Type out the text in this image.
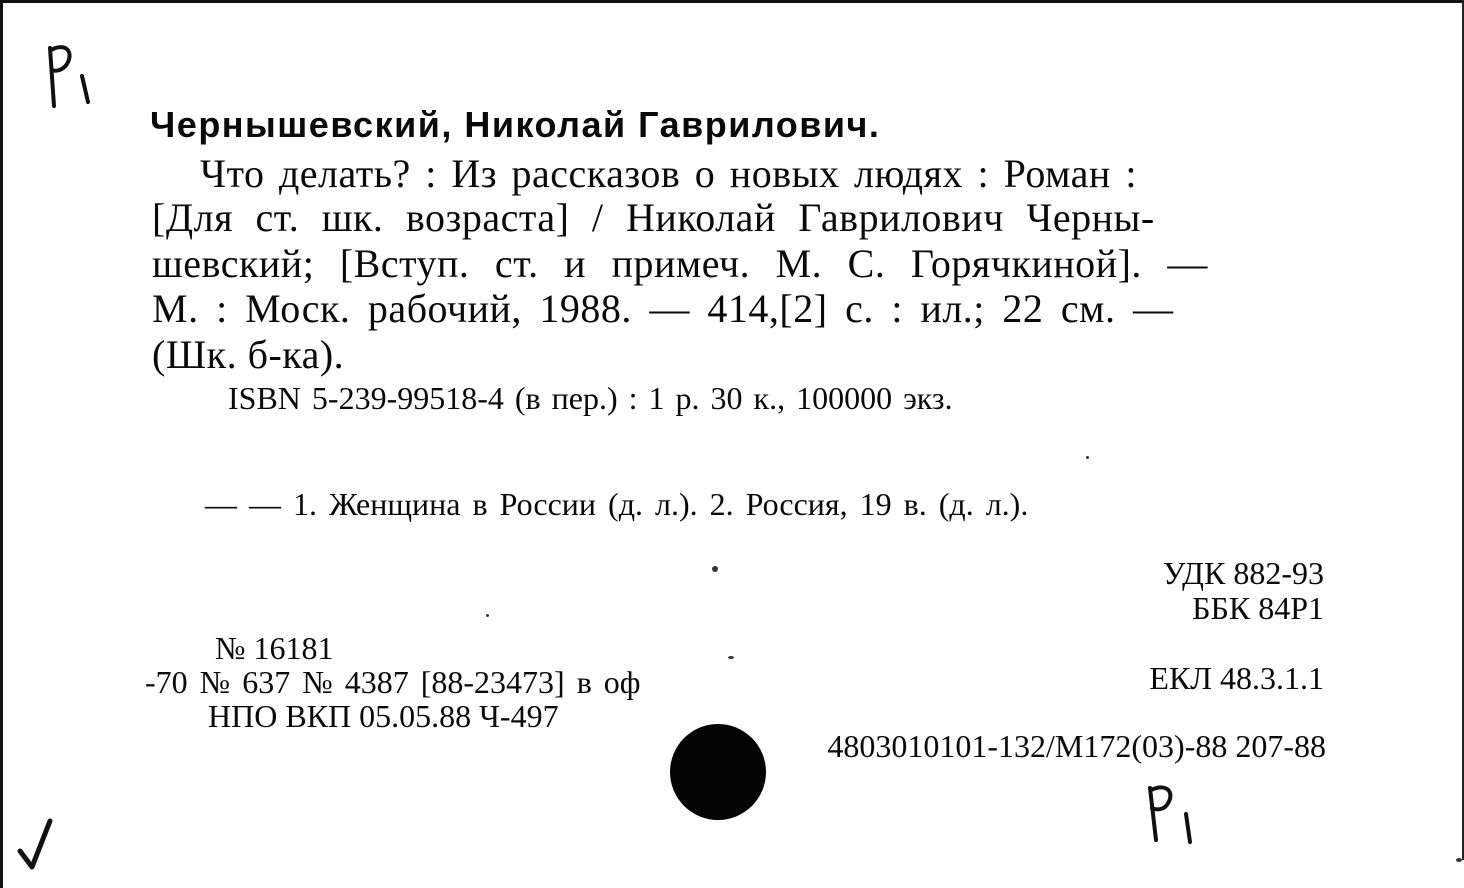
Чернышевский, Николай Гаврилович.
Что делать? : Из рассказов о новых людях : Роман :
[Для ст. шк. возраста] / Николай Гаврилович Черны-
шевский; [Вступ. ст. и примеч. М. С. Горячкиной]. —
М. : Моск. рабочий, 1988. — 414,[2] с. : ил.; 22 см. —
(Шк. б-ка).
ISBN 5-239-99518-4 (в пер.) : 1 р. 30 к., 100000 экз.
— — 1. Женщина в России (д. л.). 2. Россия, 19 в. (д. л.).
УДК 882-93
ББК 84Р1
ЕКЛ 48.3.1.1
№ 16181
-70 № 637 № 4387 [88-23473] в оф
НПО ВКП 05.05.88 Ч-497
4803010101-132/М172(03)-88 207-88
